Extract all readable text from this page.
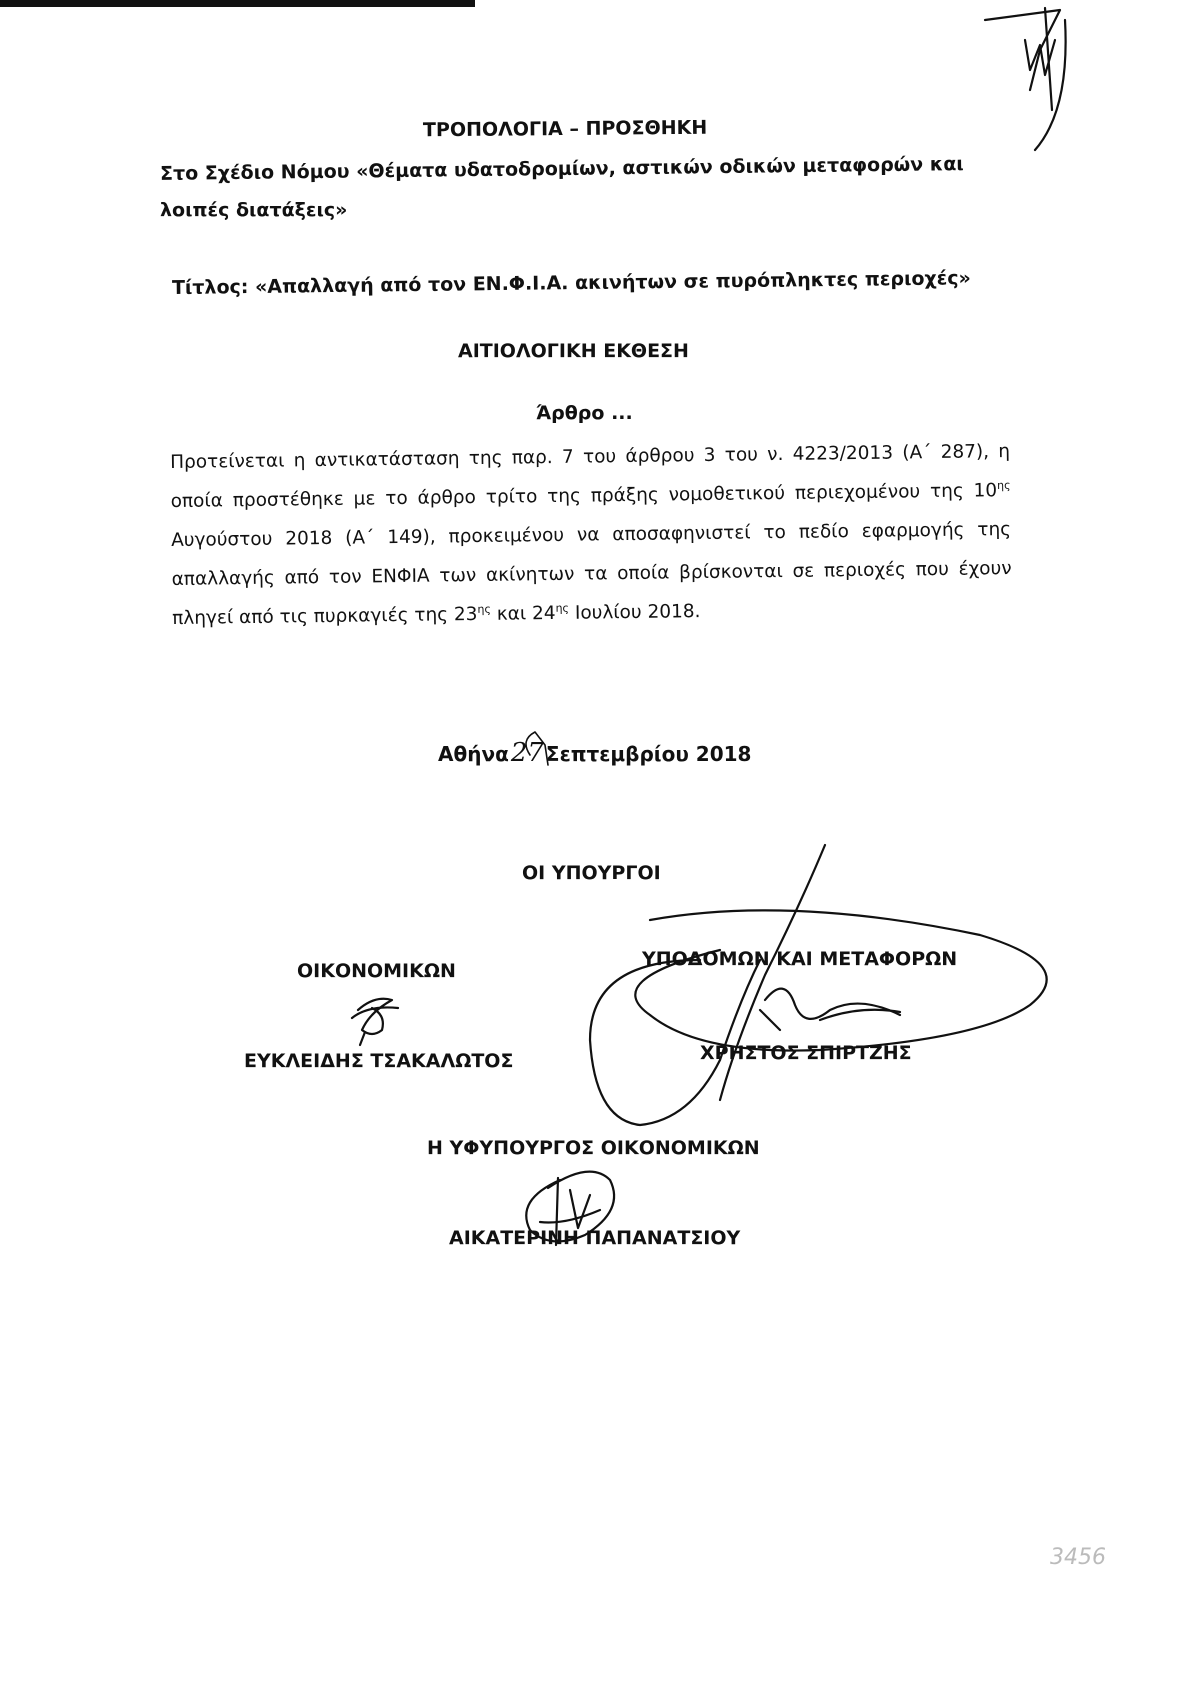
ΤΡΟΠΟΛΟΓΙΑ – ΠΡΟΣΘΗΚΗ
Στο Σχέδιο Νόμου «Θέματα υδατοδρομίων, αστικών οδικών μεταφορών και
λοιπές διατάξεις»
Τίτλος: «Απαλλαγή από τον ΕΝ.Φ.Ι.Α. ακινήτων σε πυρόπληκτες περιοχές»
ΑΙΤΙΟΛΟΓΙΚΗ ΕΚΘΕΣΗ
Άρθρο ...
Προτείνεται η αντικατάσταση της παρ. 7 του άρθρου 3 του ν. 4223/2013 (Α΄ 287), η
οποία προστέθηκε με το άρθρο τρίτο της πράξης νομοθετικού περιεχομένου της $10^{\eta\varsigma}$
Αυγούστου 2018 (Α΄ 149), προκειμένου να αποσαφηνιστεί το πεδίο εφαρμογής της
απαλλαγής από τον ΕΝΦΙΑ των ακίνητων τα οποία βρίσκονται σε περιοχές που έχουν
πληγεί από τις πυρκαγιές της $23^{\eta\varsigma}$ και $24^{\eta\varsigma}$ Ιουλίου 2018.
Αθήνα27 Σεπτεμβρίου 2018
ΟΙ ΥΠΟΥΡΓΟΙ
ΟΙΚΟΝΟΜΙΚΩΝ
ΕΥΚΛΕΙΔΗΣ ΤΣΑΚΑΛΩΤΟΣ
ΥΠΟΔΟΜΩΝ ΚΑΙ ΜΕΤΑΦΟΡΩΝ
ΧΡΗΣΤΟΣ ΣΠΙΡΤΖΗΣ
Η ΥΦΥΠΟΥΡΓΟΣ ΟΙΚΟΝΟΜΙΚΩΝ
ΑΙΚΑΤΕΡΙΝΗ ΠΑΠΑΝΑΤΣΙΟΥ
3456
